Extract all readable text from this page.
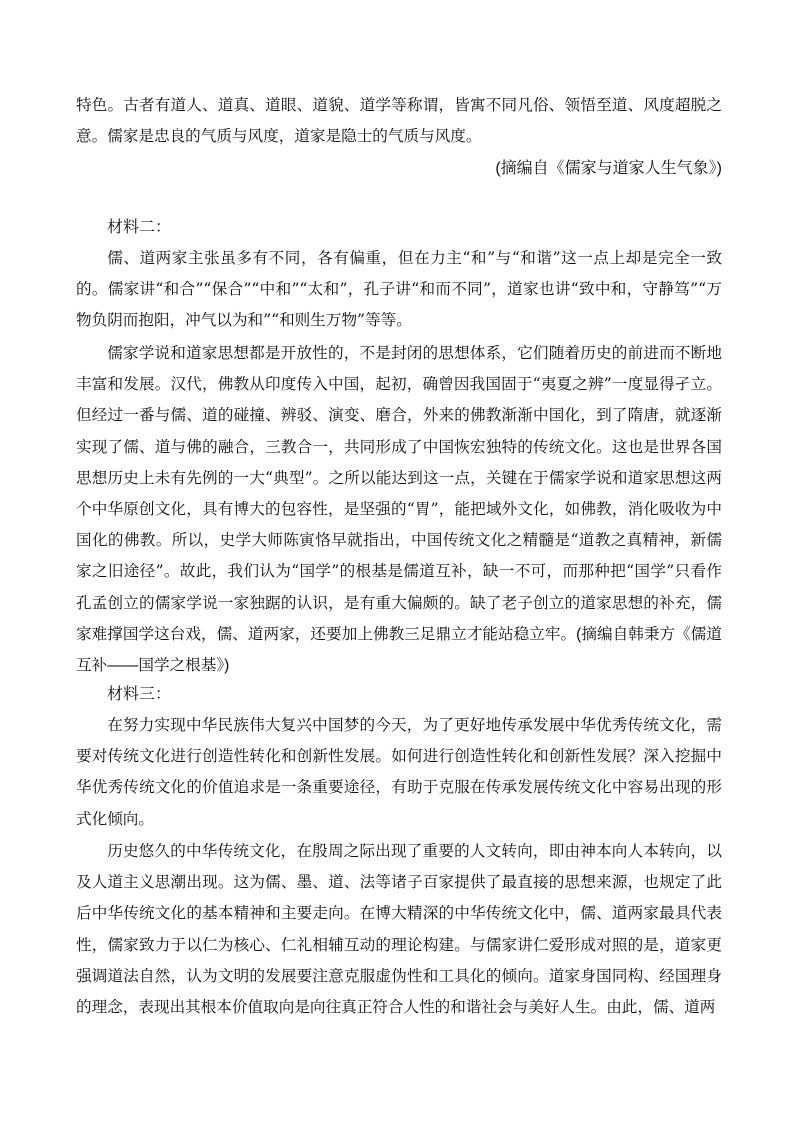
特色。古者有道人、道真、道眼、道貌、道学等称谓，皆寓不同凡俗、领悟至道、风度超脱之意。儒家是忠良的气质与风度，道家是隐士的气质与风度。
(摘编自《儒家与道家人生气象》)
材料二：
儒、道两家主张虽多有不同，各有偏重，但在力主“和”与“和谐”这一点上却是完全一致的。儒家讲“和合”“保合”“中和”“太和”，孔子讲“和而不同”，道家也讲“致中和，守静笃”“万物负阴而抱阳，冲气以为和”“和则生万物”等等。
儒家学说和道家思想都是开放性的，不是封闭的思想体系，它们随着历史的前进而不断地丰富和发展。汉代，佛教从印度传入中国，起初，确曾因我国固于“夷夏之辨”一度显得孑立。但经过一番与儒、道的碰撞、辨驳、演变、磨合，外来的佛教渐渐中国化，到了隋唐，就逐渐实现了儒、道与佛的融合，三教合一，共同形成了中国恢宏独特的传统文化。这也是世界各国思想历史上未有先例的一大“典型”。之所以能达到这一点，关键在于儒家学说和道家思想这两个中华原创文化，具有博大的包容性，是坚强的“胃”，能把域外文化，如佛教，消化吸收为中国化的佛教。所以，史学大师陈寅恪早就指出，中国传统文化之精髓是“道教之真精神，新儒家之旧途径”。故此，我们认为“国学”的根基是儒道互补，缺一不可，而那种把“国学”只看作孔孟创立的儒家学说一家独踞的认识，是有重大偏颇的。缺了老子创立的道家思想的补充，儒家难撑国学这台戏，儒、道两家，还要加上佛教三足鼎立才能站稳立牢。(摘编自韩秉方《儒道互补——国学之根基》)
材料三：
在努力实现中华民族伟大复兴中国梦的今天，为了更好地传承发展中华优秀传统文化，需要对传统文化进行创造性转化和创新性发展。如何进行创造性转化和创新性发展？深入挖掘中华优秀传统文化的价值追求是一条重要途径，有助于克服在传承发展传统文化中容易出现的形式化倾向。
历史悠久的中华传统文化，在殷周之际出现了重要的人文转向，即由神本向人本转向，以及人道主义思潮出现。这为儒、墨、道、法等诸子百家提供了最直接的思想来源，也规定了此后中华传统文化的基本精神和主要走向。在博大精深的中华传统文化中，儒、道两家最具代表性，儒家致力于以仁为核心、仁礼相辅互动的理论构建。与儒家讲仁爱形成对照的是，道家更强调道法自然，认为文明的发展要注意克服虚伪性和工具化的倾向。道家身国同构、经国理身的理念，表现出其根本价值取向是向往真正符合人性的和谐社会与美好人生。由此，儒、道两
